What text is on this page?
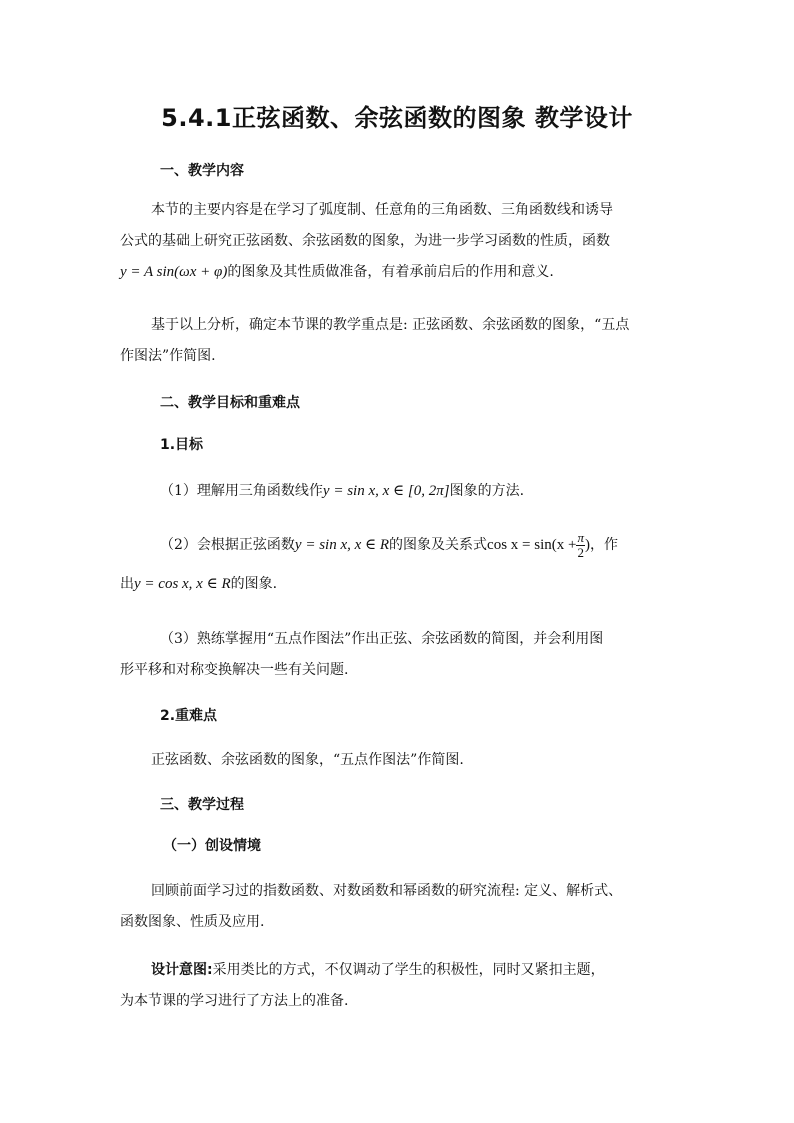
5.4.1正弦函数、余弦函数的图象 教学设计
一、教学内容
本节的主要内容是在学习了弧度制、任意角的三角函数、三角函数线和诱导
公式的基础上研究正弦函数、余弦函数的图象，为进一步学习函数的性质，函数
y = A sin(ωx + φ)的图象及其性质做准备，有着承前启后的作用和意义.
基于以上分析，确定本节课的教学重点是: 正弦函数、余弦函数的图象，“五点
作图法”作简图.
二、教学目标和重难点
1.目标
（1）理解用三角函数线作y = sin x, x ∈ [0, 2π]图象的方法.
（2）会根据正弦函数y = sin x, x ∈ R的图象及关系式$\cos x = \sin(x + \frac{\pi}{2}$ )，作
出y = cos x, x ∈ R的图象.
（3）熟练掌握用“五点作图法”作出正弦、余弦函数的简图，并会利用图
形平移和对称变换解决一些有关问题.
2.重难点
正弦函数、余弦函数的图象，“五点作图法”作简图.
三、教学过程
（一）创设情境
回顾前面学习过的指数函数、对数函数和幂函数的研究流程: 定义、解析式、
函数图象、性质及应用.
设计意图:采用类比的方式，不仅调动了学生的积极性，同时又紧扣主题，
为本节课的学习进行了方法上的准备.
